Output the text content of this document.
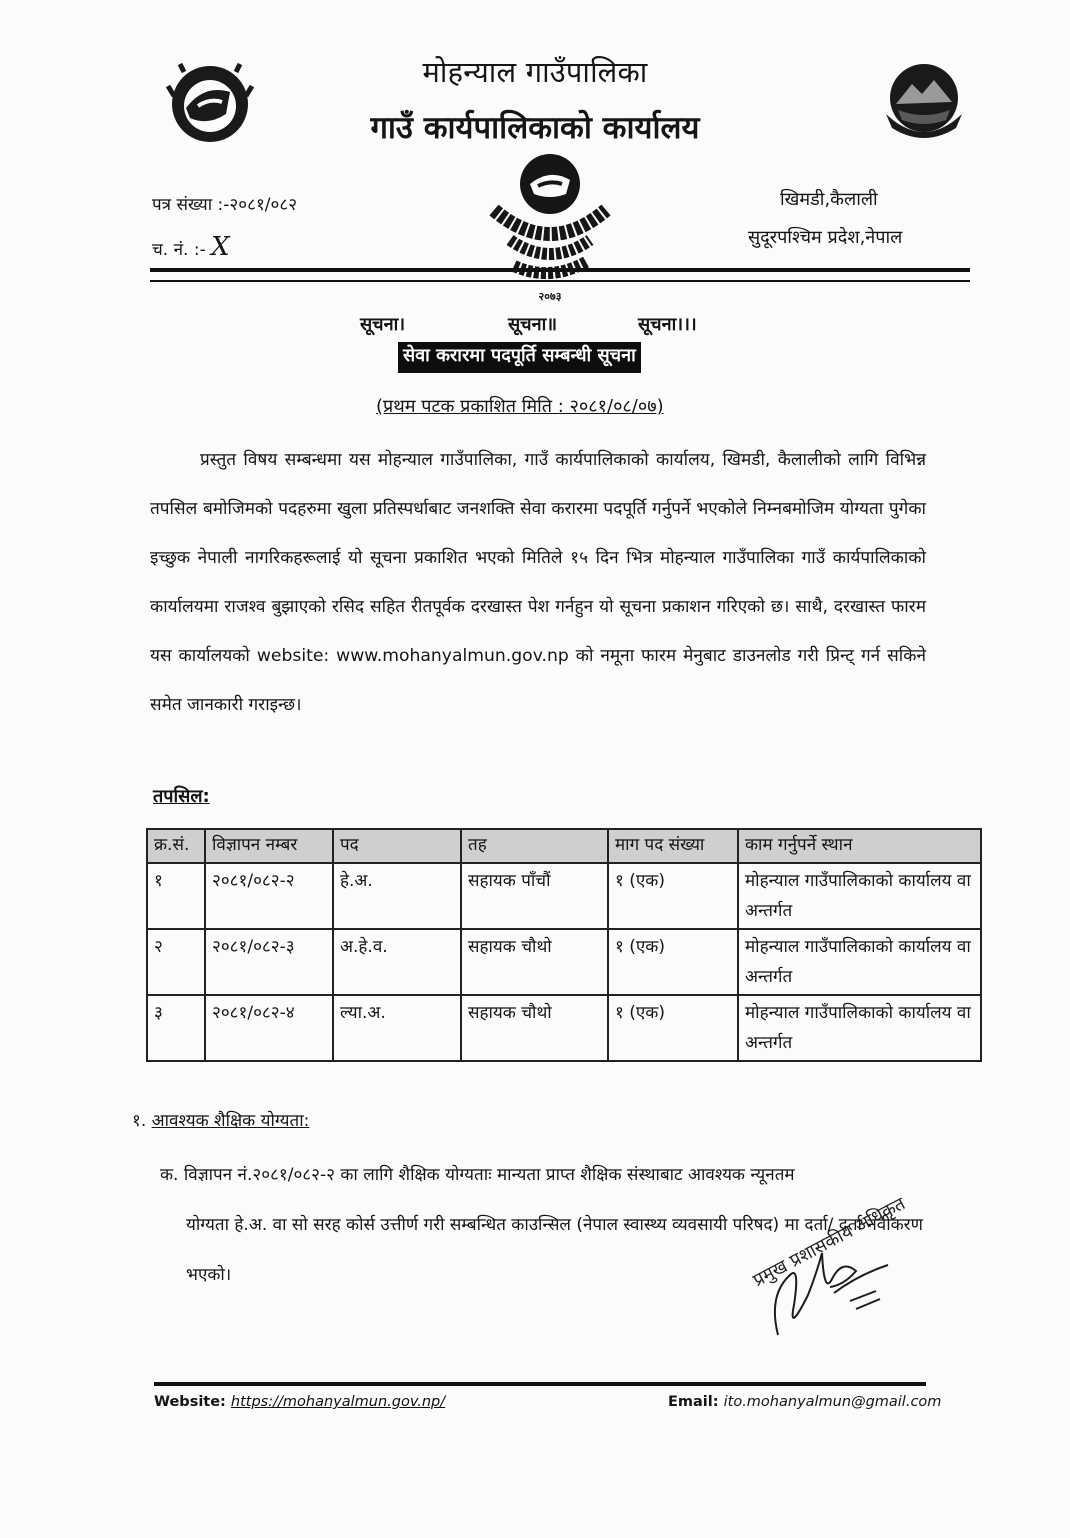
मोहन्याल गाउँपालिका
गाउँ कार्यपालिकाको कार्यालय
२०७३
पत्र संख्या :-२०८१/०८२
च. नं. :- X
खिमडी,कैलाली
सुदूरपश्चिम प्रदेश,नेपाल
सूचना।	सूचना॥	सूचना।।।
सेवा करारमा पदपूर्ति सम्बन्धी सूचना
(प्रथम पटक प्रकाशित मिति : २०८१/०८/०७)
प्रस्तुत विषय सम्बन्धमा यस मोहन्याल गाउँपालिका, गाउँ कार्यपालिकाको कार्यालय, खिमडी, कैलालीको लागि विभिन्न तपसिल बमोजिमको पदहरुमा खुला प्रतिस्पर्धाबाट जनशक्ति सेवा करारमा पदपूर्ति गर्नुपर्ने भएकोले निम्नबमोजिम योग्यता पुगेका इच्छुक नेपाली नागरिकहरूलाई यो सूचना प्रकाशित भएको मितिले १५ दिन भित्र मोहन्याल गाउँपालिका गाउँ कार्यपालिकाको कार्यालयमा राजश्व बुझाएको रसिद सहित रीतपूर्वक दरखास्त पेश गर्नहुन यो सूचना प्रकाशन गरिएको छ। साथै, दरखास्त फारम यस कार्यालयको website: www.mohanyalmun.gov.np को नमूना फारम मेनुबाट डाउनलोड गरी प्रिन्ट् गर्न सकिने समेत जानकारी गराइन्छ।
तपसिल:
क्र.सं.	विज्ञापन नम्बर	पद	तह	माग पद संख्या	काम गर्नुपर्ने स्थान
१	२०८१/०८२-२	हे.अ.	सहायक पाँचौं	१ (एक)	मोहन्याल गाउँपालिकाको कार्यालय वा अन्तर्गत
२	२०८१/०८२-३	अ.हे.व.	सहायक चौथो	१ (एक)	मोहन्याल गाउँपालिकाको कार्यालय वा अन्तर्गत
३	२०८१/०८२-४	ल्या.अ.	सहायक चौथो	१ (एक)	मोहन्याल गाउँपालिकाको कार्यालय वा अन्तर्गत
१. आवश्यक शैक्षिक योग्यता:
क. विज्ञापन नं.२०८१/०८२-२ का लागि शैक्षिक योग्यताः मान्यता प्राप्त शैक्षिक संस्थाबाट आवश्यक न्यूनतम
योग्यता हे.अ. वा सो सरह कोर्स उत्तीर्ण गरी सम्बन्धित काउन्सिल (नेपाल स्वास्थ्य व्यवसायी परिषद) मा दर्ता/ दर्ता नवीकरण भएको।	प्रमुख प्रशासकीय अधिकृत
Website: https://mohanyalmun.gov.np/	Email: ito.mohanyalmun@gmail.com
